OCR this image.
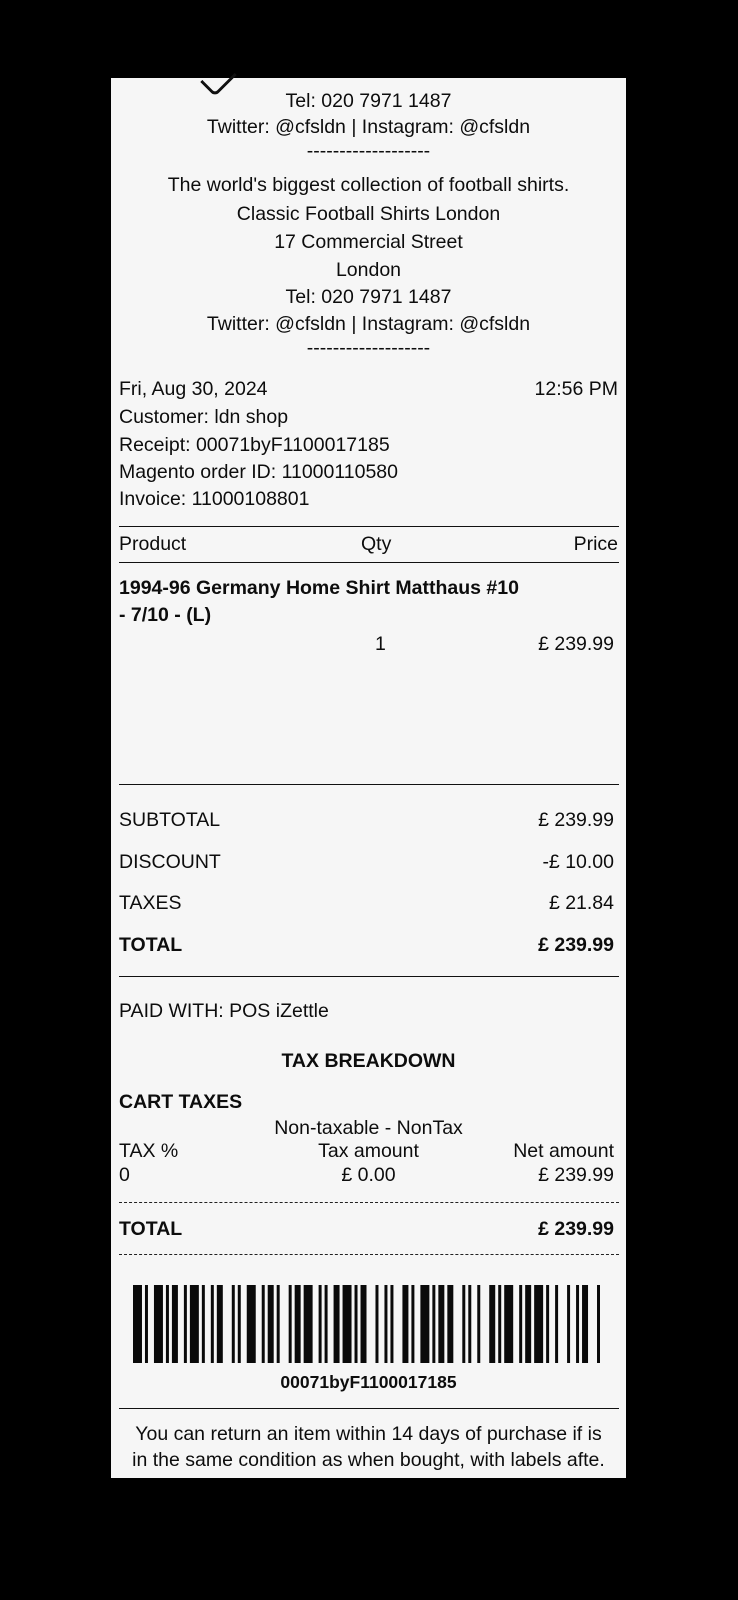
Tel: 020 7971 1487
Twitter: @cfsldn | Instagram: @cfsldn
-------------------
The world's biggest collection of football shirts.
Classic Football Shirts London
17 Commercial Street
London
Tel: 020 7971 1487
Twitter: @cfsldn | Instagram: @cfsldn
-------------------
Fri, Aug 30, 2024	12:56 PM
Customer: ldn shop
Receipt: 00071byF1100017185
Magento order ID: 11000110580
Invoice: 11000108801
Product	Qty	Price
1994-96 Germany Home Shirt Matthaus #10
- 7/10 - (L)
1	£ 239.99
SUBTOTAL	£ 239.99
DISCOUNT	-£ 10.00
TAXES	£ 21.84
TOTAL	£ 239.99
PAID WITH: POS iZettle
TAX BREAKDOWN
CART TAXES
Non-taxable - NonTax
TAX %	Tax amount	Net amount
0	£ 0.00	£ 239.99
TOTAL	£ 239.99
00071byF1100017185
You can return an item within 14 days of purchase if is
in the same condition as when bought, with labels afte.
